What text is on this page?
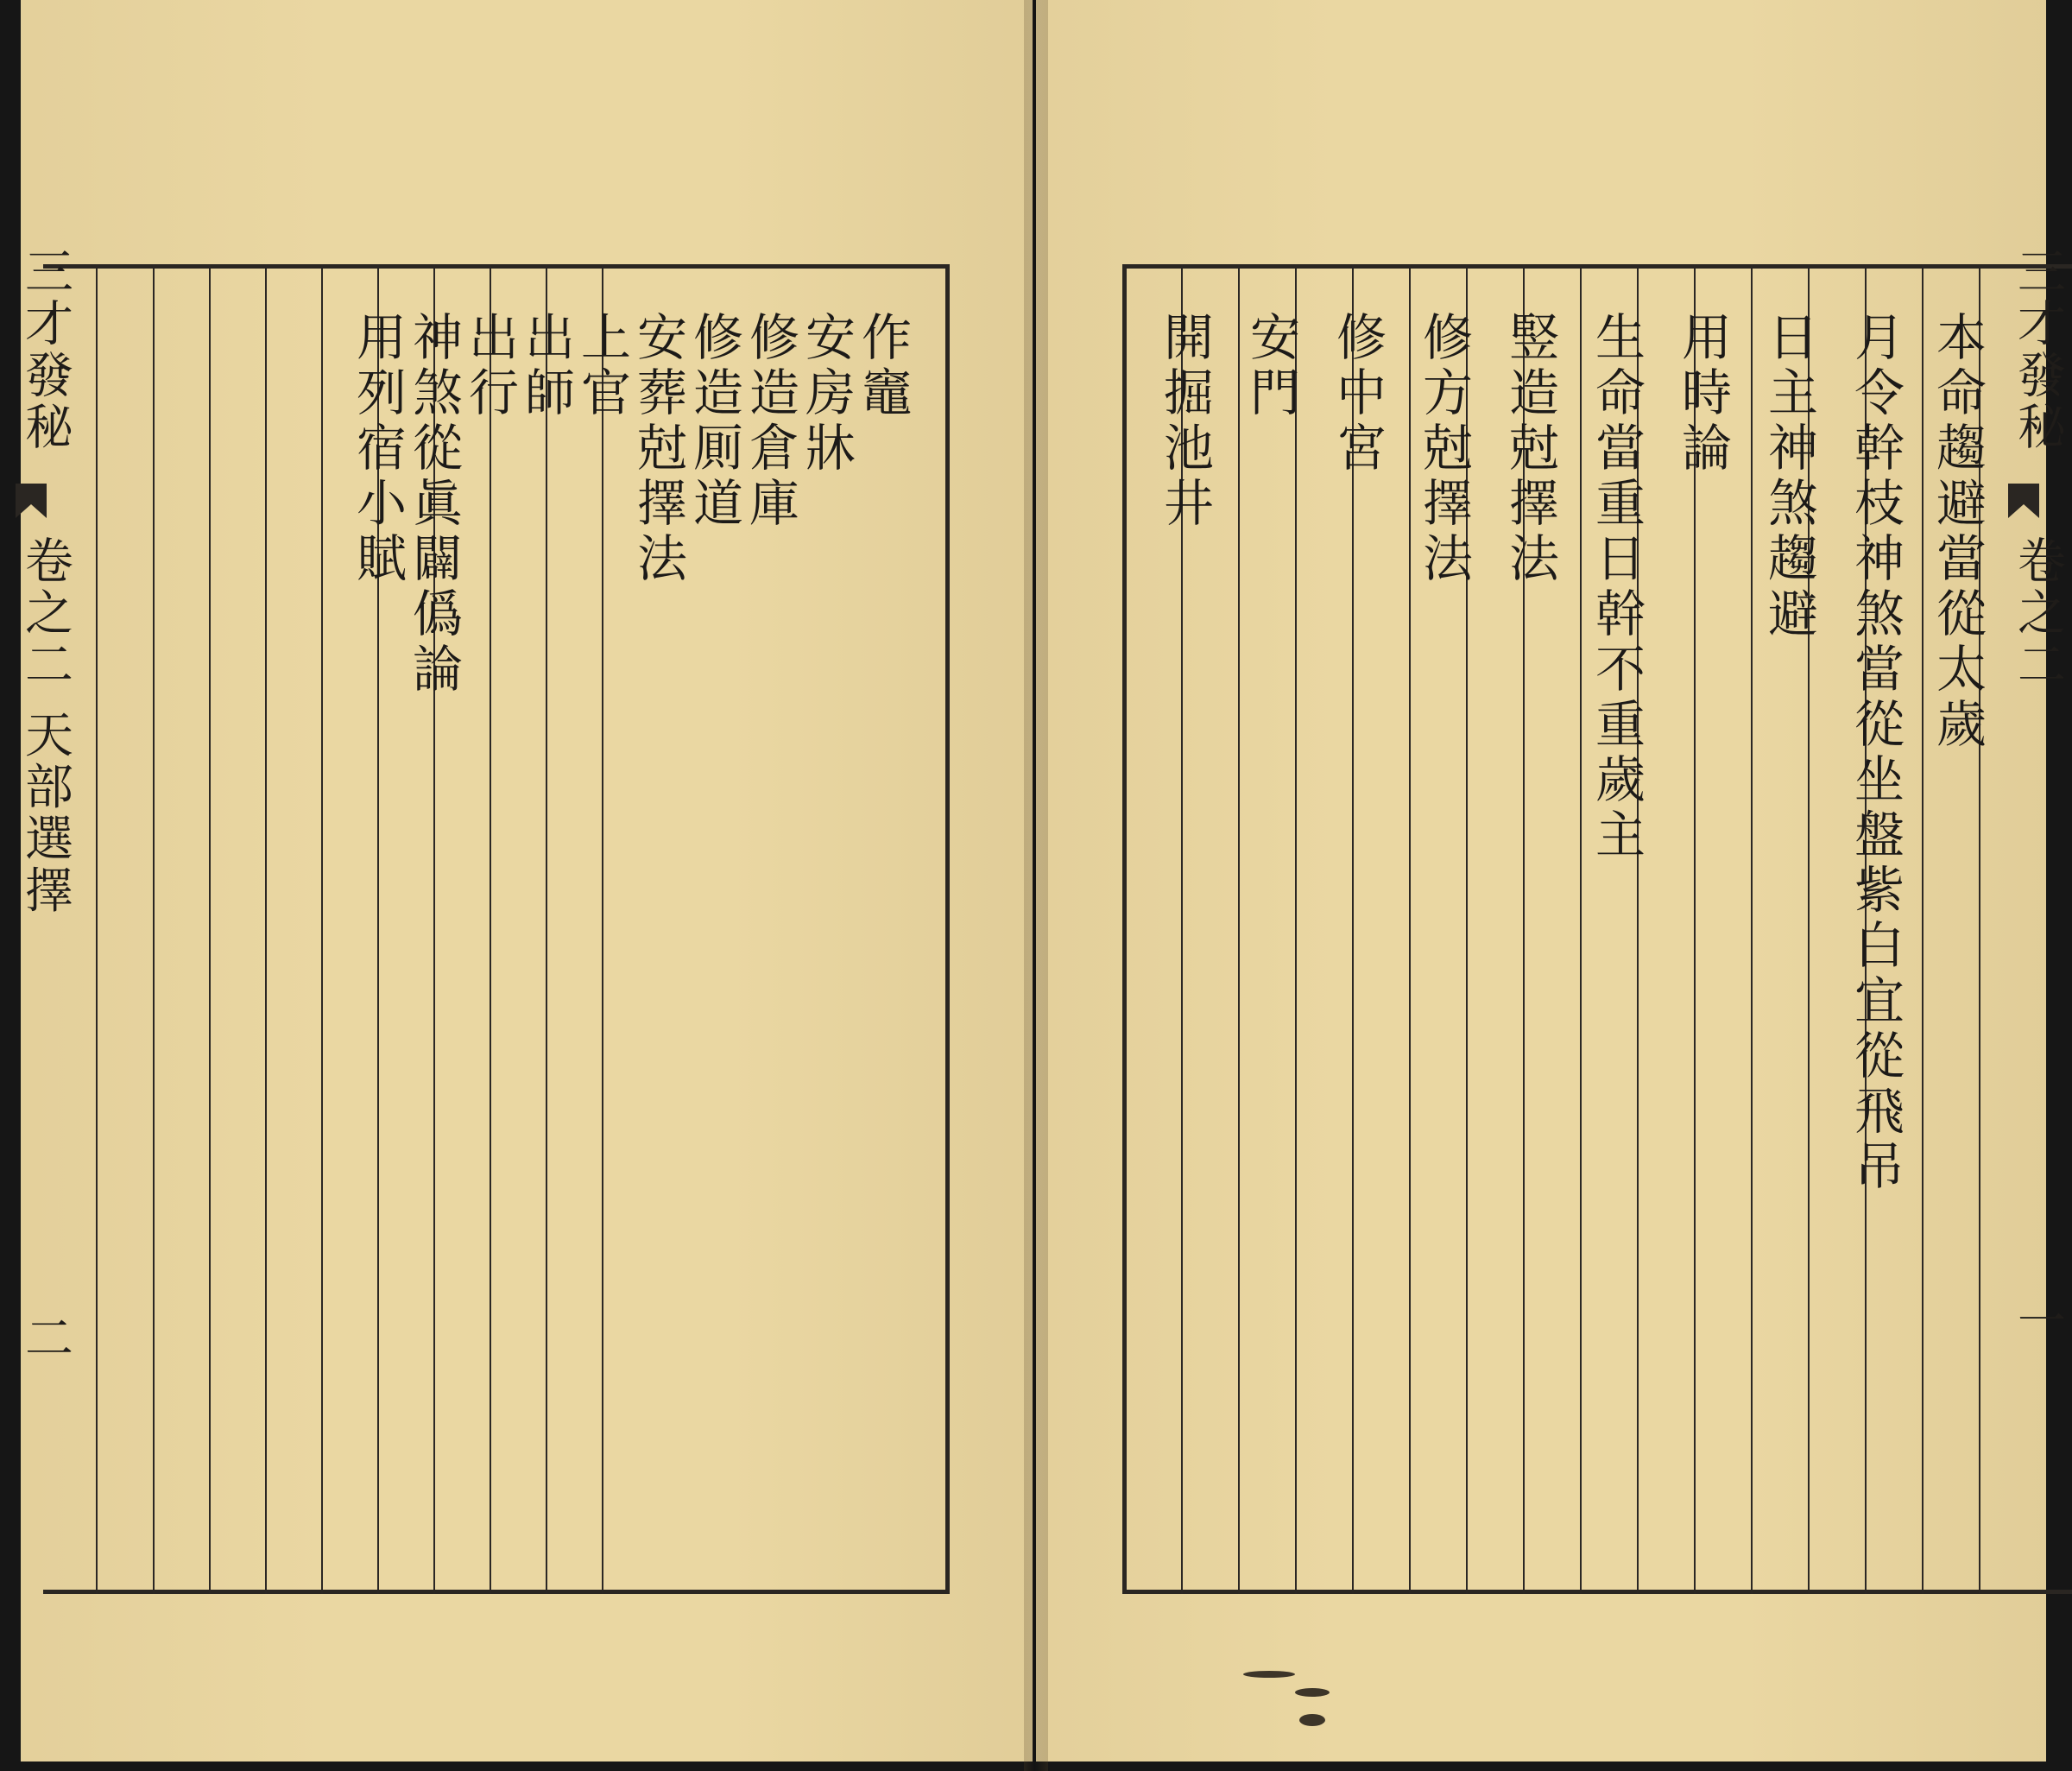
三才發秘
卷之二 天部選擇
二
作竈
安房牀
修造倉庫
修造厠道
安葬尅擇法
上官
出師
出行
神煞從眞闢僞論
用列宿小賦	本命趨避當從太歲
月令幹枝神煞當從坐盤紫白宜從飛吊
日主神煞趨避
用時論
生命當重日幹不重歲主
竪造尅擇法
修方尅擇法
修中宮
安門
開掘池井	三才發秘
卷之二
一
